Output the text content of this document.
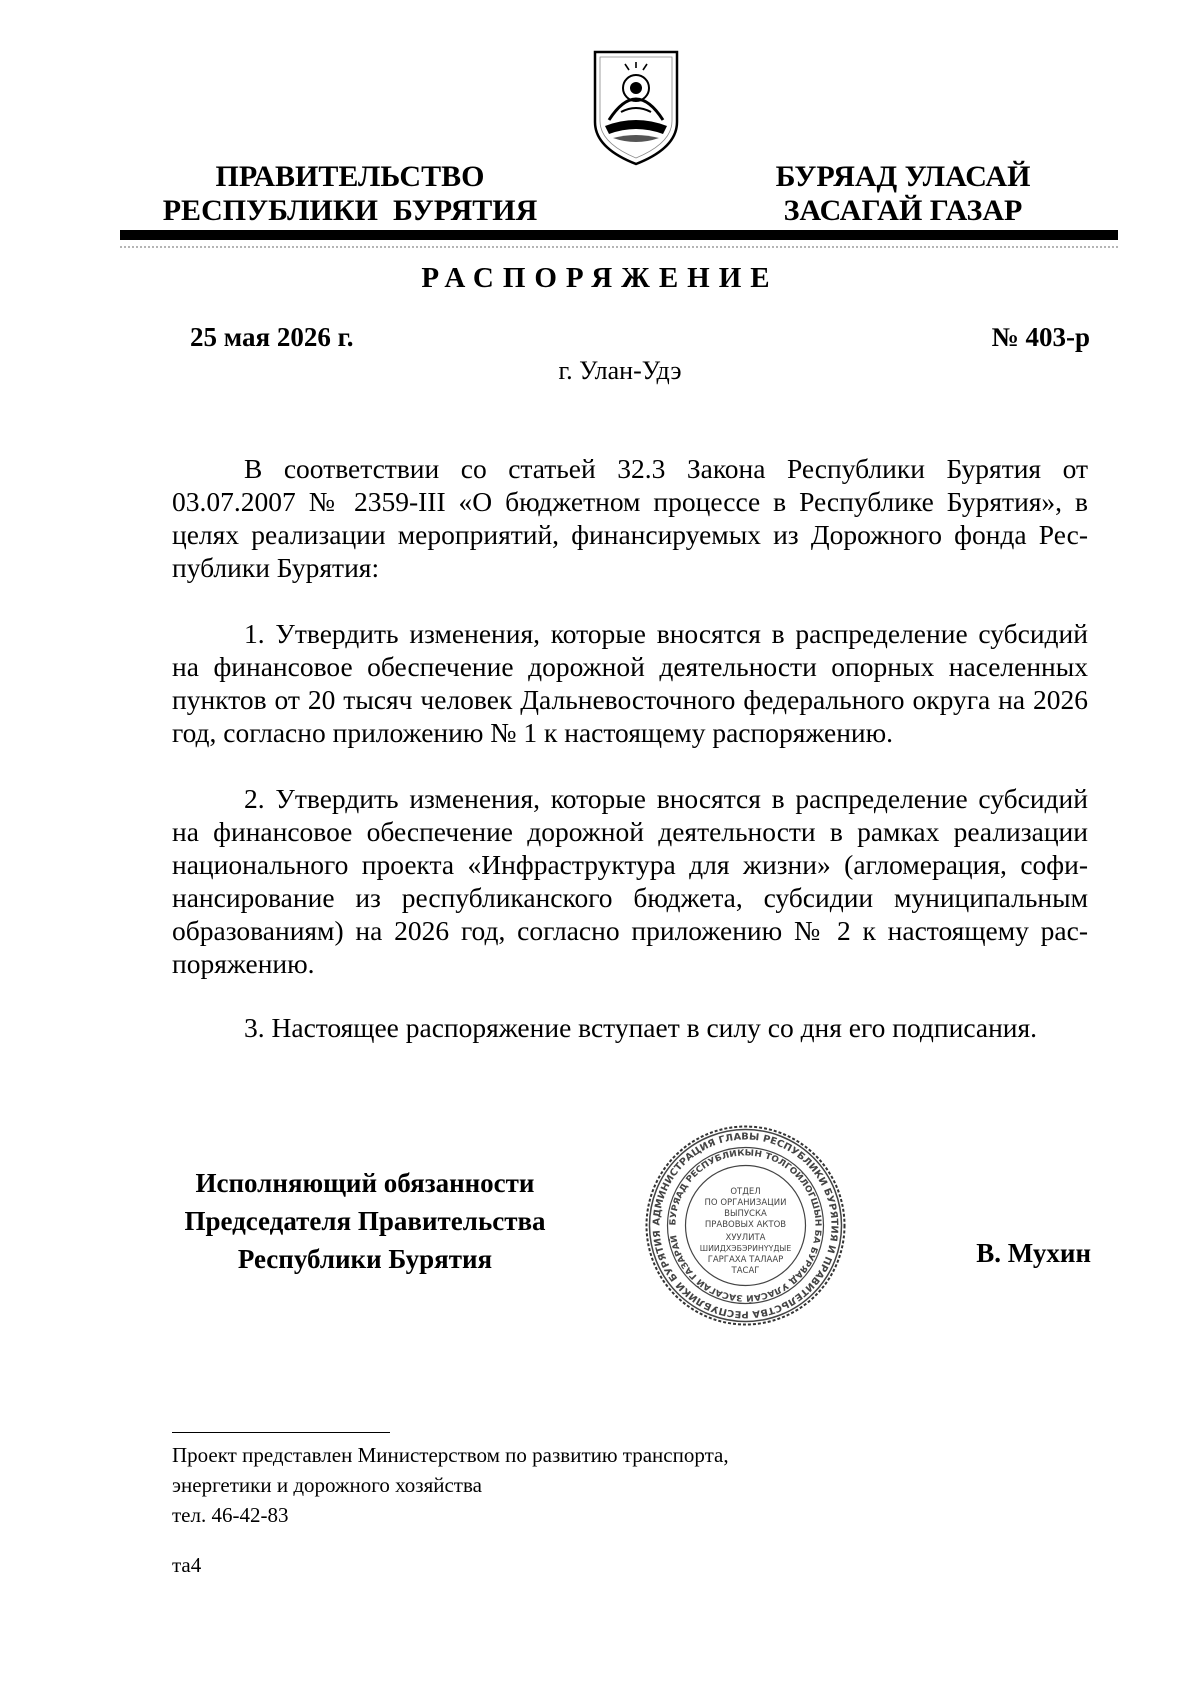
ПРАВИТЕЛЬСТВО
РЕСПУБЛИКИ  БУРЯТИЯ
БУРЯАД УЛАСАЙ
ЗАСАГАЙ ГАЗАР
РАСПОРЯЖЕНИЕ
25 мая 2026 г.	№ 403-р
г. Улан-Удэ

В соответствии со статьей 32.3 Закона Республики Бурятия от 03.07.2007 № 2359-III «О бюджетном процессе в Республике Бурятия», в целях реализации мероприятий, финансируемых из Дорожного фонда Республики Бурятия:

1. Утвердить изменения, которые вносятся в распределение субсидий на финансовое обеспечение дорожной деятельности опорных населенных пунктов от 20 тысяч человек Дальневосточного федерального округа на 2026 год, согласно приложению № 1 к настоящему распоряжению.

2. Утвердить изменения, которые вносятся в распределение субсидий на финансовое обеспечение дорожной деятельности в рамках реализации национального проекта «Инфраструктура для жизни» (агломерация, софинансирование из республиканского бюджета, субсидии муниципальным образованиям) на 2026 год, согласно приложению № 2 к настоящему распоряжению.

3. Настоящее распоряжение вступает в силу со дня его подписания.

Исполняющий обязанности
Председателя Правительства
Республики Бурятия
АДМИНИСТРАЦИЯ ГЛАВЫ РЕСПУБЛИКИ БУРЯТИЯ И ПРАВИТЕЛЬСТВА РЕСПУБЛИКИ БУРЯТИЯ
БУРЯАД РЕСПУБЛИКЫН ТОЛГОЙЛОГШЫН БА БУРЯАД УЛАСАЙ ЗАСАГАЙ ГАЗАРАЙ
ОТДЕЛ
ПО ОРГАНИЗАЦИИ
ВЫПУСКА
ПРАВОВЫХ АКТОВ
ХУУЛИТА
ШИИДХЭБЭРИНҮҮДЫЕ
ГАРГАХА ТАЛААР
ТАСАГ
В. Мухин
Проект представлен Министерством по развитию транспорта,
энергетики и дорожного хозяйства
тел. 46-42-83
та4
